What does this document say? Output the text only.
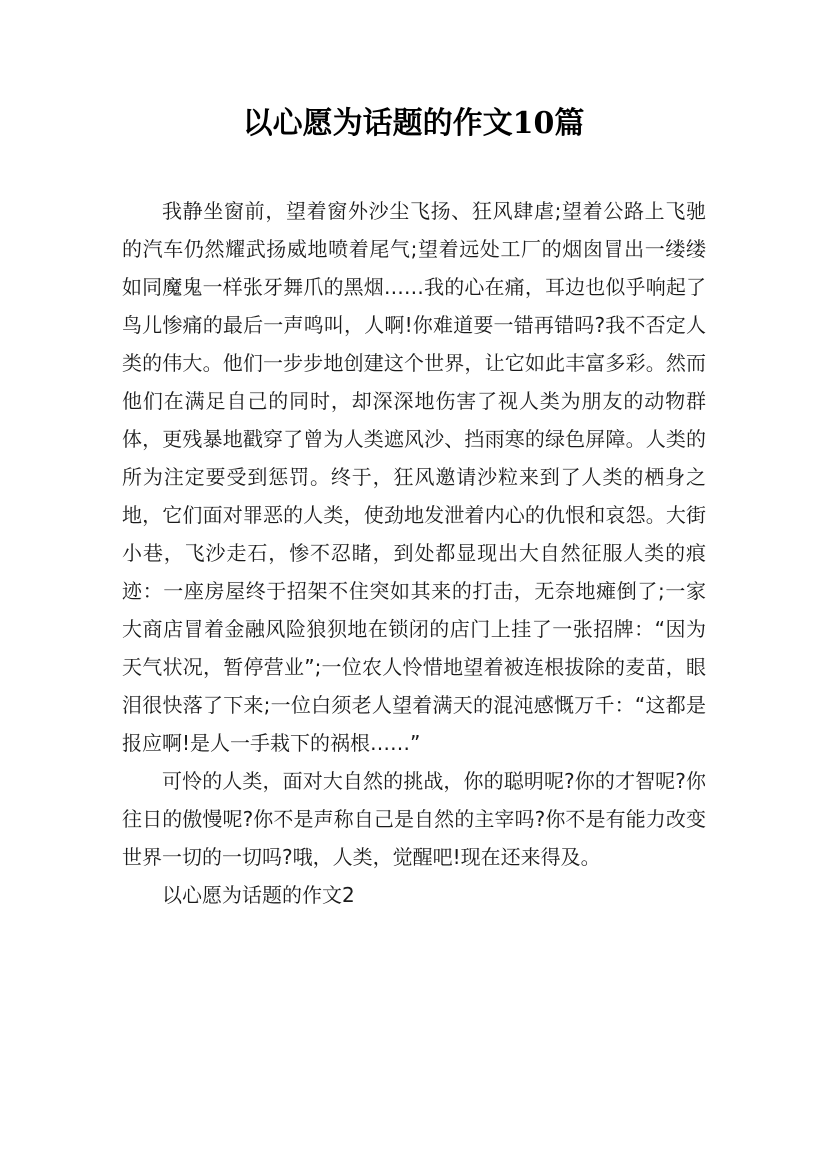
以心愿为话题的作文10篇

我静坐窗前，望着窗外沙尘飞扬、狂风肆虐;望着公路上飞驰的汽车仍然耀武扬威地喷着尾气;望着远处工厂的烟囱冒出一缕缕如同魔鬼一样张牙舞爪的黑烟……我的心在痛，耳边也似乎响起了鸟儿惨痛的最后一声鸣叫，人啊!你难道要一错再错吗?我不否定人类的伟大。他们一步步地创建这个世界，让它如此丰富多彩。然而他们在满足自己的同时，却深深地伤害了视人类为朋友的动物群体，更残暴地戳穿了曾为人类遮风沙、挡雨寒的绿色屏障。人类的所为注定要受到惩罚。终于，狂风邀请沙粒来到了人类的栖身之地，它们面对罪恶的人类，使劲地发泄着内心的仇恨和哀怨。大街小巷，飞沙走石，惨不忍睹，到处都显现出大自然征服人类的痕迹：一座房屋终于招架不住突如其来的打击，无奈地瘫倒了;一家大商店冒着金融风险狼狈地在锁闭的店门上挂了一张招牌：“因为天气状况，暂停营业”;一位农人怜惜地望着被连根拔除的麦苗，眼泪很快落了下来;一位白须老人望着满天的混沌感慨万千：“这都是报应啊!是人一手栽下的祸根……”

可怜的人类，面对大自然的挑战，你的聪明呢?你的才智呢?你往日的傲慢呢?你不是声称自己是自然的主宰吗?你不是有能力改变世界一切的一切吗?哦，人类，觉醒吧!现在还来得及。

以心愿为话题的作文2
